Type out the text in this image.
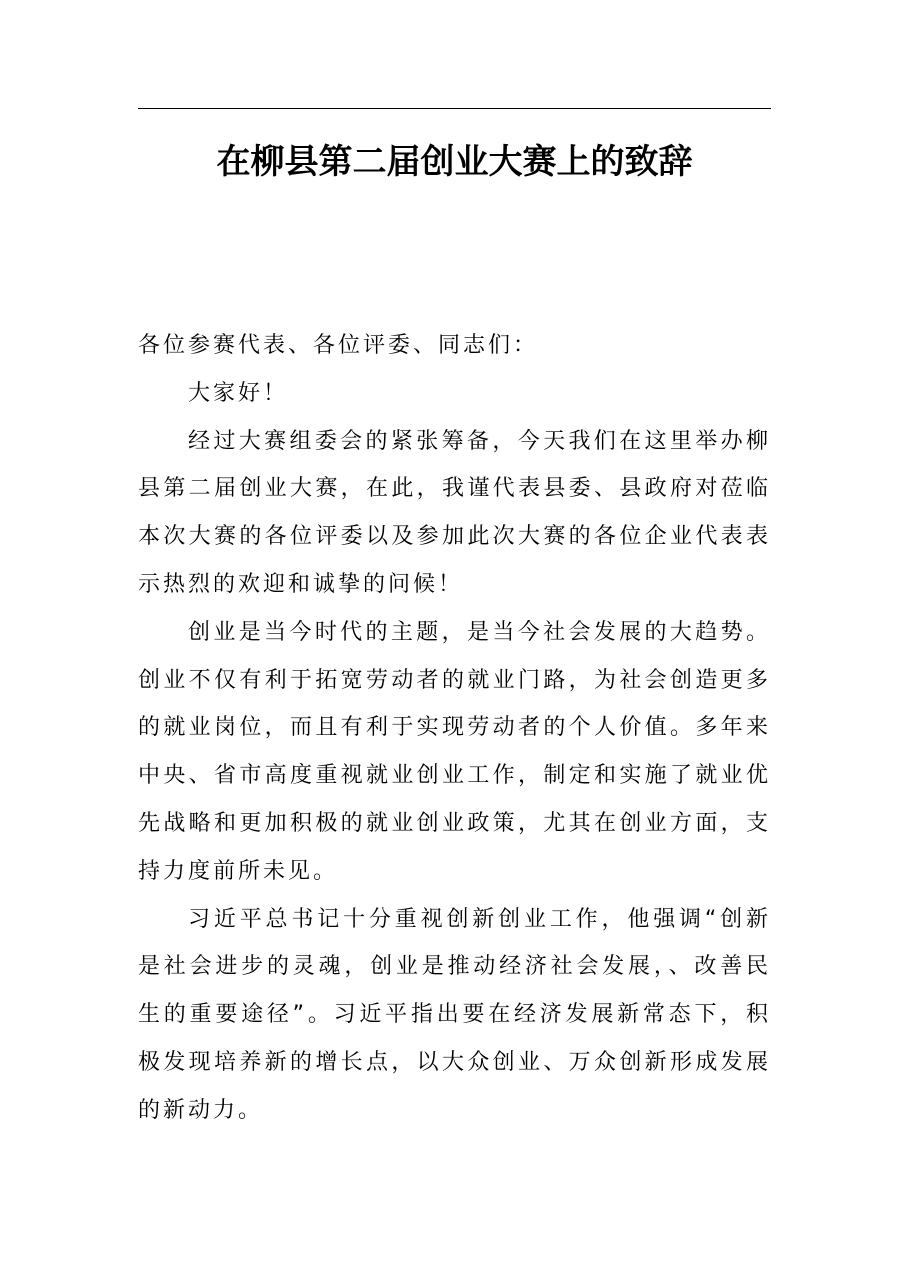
在柳县第二届创业大赛上的致辞

各位参赛代表、各位评委、同志们：

大家好！

经过大赛组委会的紧张筹备，今天我们在这里举办柳县第二届创业大赛，在此，我谨代表县委、县政府对莅临本次大赛的各位评委以及参加此次大赛的各位企业代表表示热烈的欢迎和诚挚的问候！

创业是当今时代的主题，是当今社会发展的大趋势。创业不仅有利于拓宽劳动者的就业门路，为社会创造更多的就业岗位，而且有利于实现劳动者的个人价值。多年来中央、省市高度重视就业创业工作，制定和实施了就业优先战略和更加积极的就业创业政策，尤其在创业方面，支持力度前所未见。

习近平总书记十分重视创新创业工作，他强调“创新是社会进步的灵魂，创业是推动经济社会发展，、改善民生的重要途径”。习近平指出要在经济发展新常态下，积极发现培养新的增长点，以大众创业、万众创新形成发展的新动力。
